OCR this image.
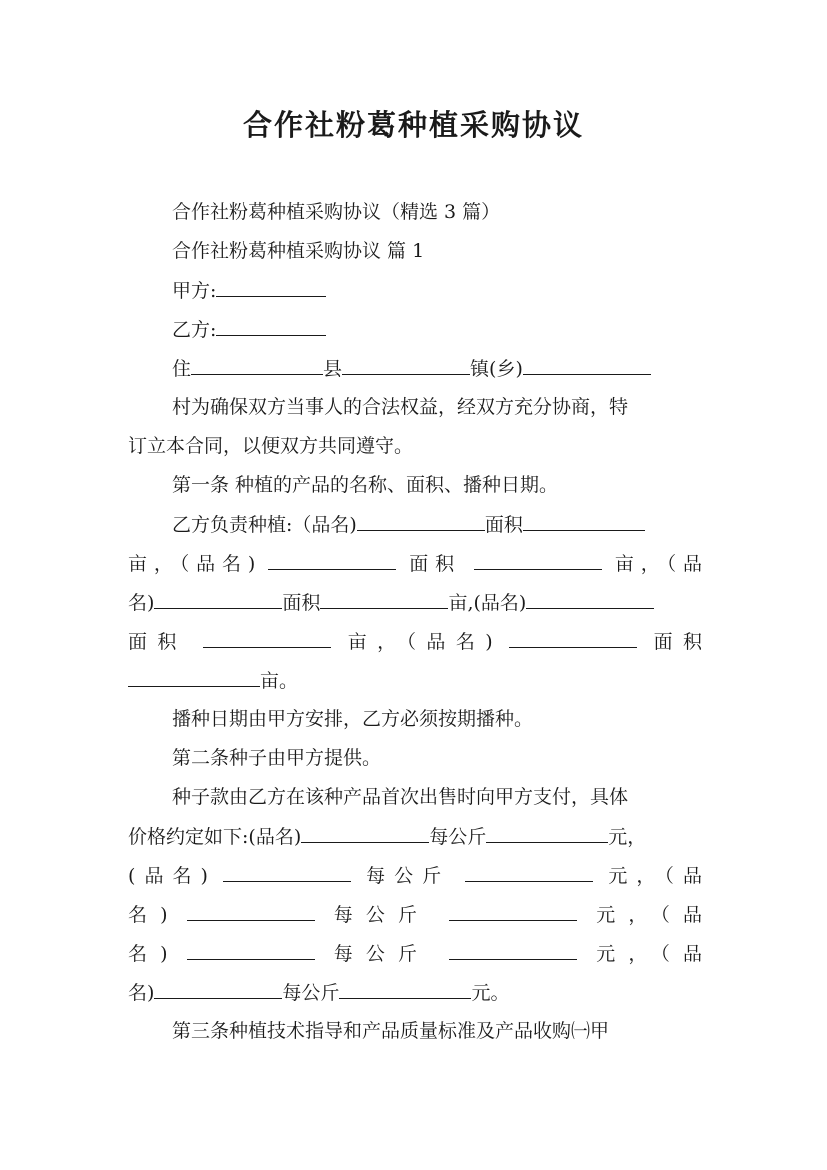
合作社粉葛种植采购协议
合作社粉葛种植采购协议（精选 3 篇）
合作社粉葛种植采购协议 篇 1
甲方:
乙方:
住	县	镇(乡)
村为确保双方当事人的合法权益，经双方充分协商，特
订立本合同，以便双方共同遵守。
第一条 种植的产品的名称、面积、播种日期。
乙方负责种植:（品名)	面积
亩，（品名)	面积	亩，（品
名)	面积	亩,(品名)
面积	亩，（品名)	面积
亩。
播种日期由甲方安排，乙方必须按期播种。
第二条种子由甲方提供。
种子款由乙方在该种产品首次出售时向甲方支付，具体
价格约定如下:(品名)	每公斤	元，
(品名)	每公斤	元，（品
名)	每公斤	元，（品
名)	每公斤	元，（品
名)	每公斤	元。
第三条种植技术指导和产品质量标准及产品收购㈠甲
